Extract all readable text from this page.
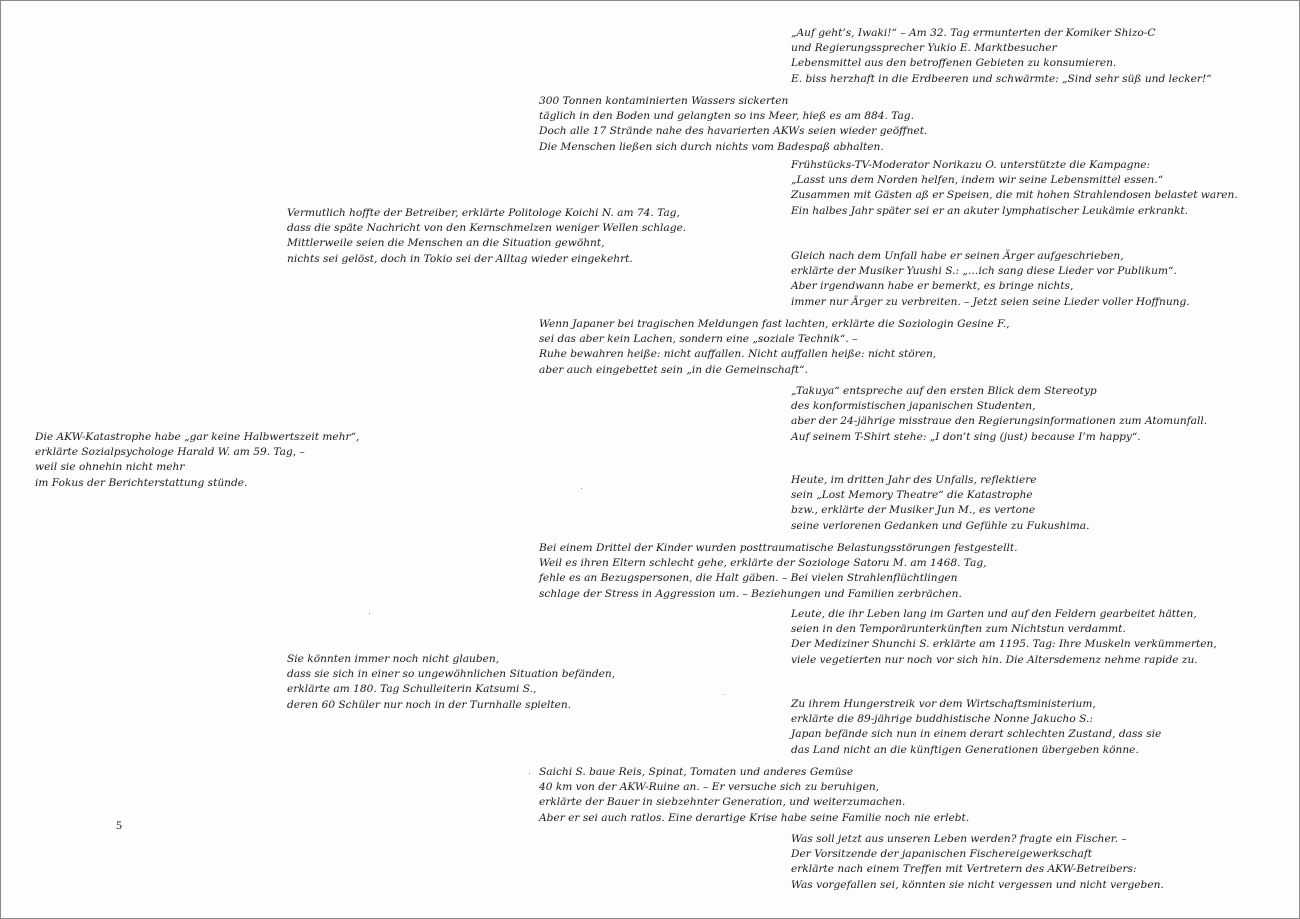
„Auf geht’s, Iwaki!“ – Am 32. Tag ermunterten der Komiker Shizo-C
und Regierungssprecher Yukio E. Marktbesucher
Lebensmittel aus den betroffenen Gebieten zu konsumieren.
E. biss herzhaft in die Erdbeeren und schwärmte: „Sind sehr süß und lecker!“

300 Tonnen kontaminierten Wassers sickerten
täglich in den Boden und gelangten so ins Meer, hieß es am 884. Tag.
Doch alle 17 Strände nahe des havarierten AKWs seien wieder geöffnet.
Die Menschen ließen sich durch nichts vom Badespaß abhalten.

Frühstücks-TV-Moderator Norikazu O. unterstützte die Kampagne:
„Lasst uns dem Norden helfen, indem wir seine Lebensmittel essen.“
Zusammen mit Gästen aß er Speisen, die mit hohen Strahlendosen belastet waren.
Ein halbes Jahr später sei er an akuter lymphatischer Leukämie erkrankt.

Vermutlich hoffte der Betreiber, erklärte Politologe Koichi N. am 74. Tag,
dass die späte Nachricht von den Kernschmelzen weniger Wellen schlage.
Mittlerweile seien die Menschen an die Situation gewöhnt,
nichts sei gelöst, doch in Tokio sei der Alltag wieder eingekehrt.	Gleich nach dem Unfall habe er seinen Ärger aufgeschrieben,
erklärte der Musiker Yuushi S.: „…ich sang diese Lieder vor Publikum“.
Aber irgendwann habe er bemerkt, es bringe nichts,
immer nur Ärger zu verbreiten. – Jetzt seien seine Lieder voller Hoffnung.

Wenn Japaner bei tragischen Meldungen fast lachten, erklärte die Soziologin Gesine F.,
sei das aber kein Lachen, sondern eine „soziale Technik“. –
Ruhe bewahren heiße: nicht auffallen. Nicht auffallen heiße: nicht stören,
aber auch eingebettet sein „in die Gemeinschaft“.

„Takuya“ entspreche auf den ersten Blick dem Stereotyp
des konformistischen japanischen Studenten,
aber der 24-jährige misstraue den Regierungsinformationen zum Atomunfall.
Auf seinem T-Shirt stehe: „I don’t sing (just) because I’m happy“.

Die AKW-Katastrophe habe „gar keine Halbwertszeit mehr“,
erklärte Sozialpsychologe Harald W. am 59. Tag, –
weil sie ohnehin nicht mehr
im Fokus der Berichterstattung stünde.	Heute, im dritten Jahr des Unfalls, reflektiere
sein „Lost Memory Theatre“ die Katastrophe
bzw., erklärte der Musiker Jun M., es vertone
seine verlorenen Gedanken und Gefühle zu Fukushima.

Bei einem Drittel der Kinder wurden posttraumatische Belastungsstörungen festgestellt.
Weil es ihren Eltern schlecht gehe, erklärte der Soziologe Satoru M. am 1468. Tag,
fehle es an Bezugspersonen, die Halt gäben. – Bei vielen Strahlenflüchtlingen
schlage der Stress in Aggression um. – Beziehungen und Familien zerbrächen.

Leute, die ihr Leben lang im Garten und auf den Feldern gearbeitet hätten,
seien in den Temporärunterkünften zum Nichtstun verdammt.
Der Mediziner Shunchi S. erklärte am 1195. Tag: Ihre Muskeln verkümmerten,
viele vegetierten nur noch vor sich hin. Die Altersdemenz nehme rapide zu.

Sie könnten immer noch nicht glauben,
dass sie sich in einer so ungewöhnlichen Situation befänden,
erklärte am 180. Tag Schulleiterin Katsumi S.,
deren 60 Schüler nur noch in der Turnhalle spielten.	Zu ihrem Hungerstreik vor dem Wirtschaftsministerium,
erklärte die 89-jährige buddhistische Nonne Jakucho S.:
Japan befände sich nun in einem derart schlechten Zustand, dass sie
das Land nicht an die künftigen Generationen übergeben könne.

Saichi S. baue Reis, Spinat, Tomaten und anderes Gemüse
40 km von der AKW-Ruine an. – Er versuche sich zu beruhigen,
erklärte der Bauer in siebzehnter Generation, und weiterzumachen.
Aber er sei auch ratlos. Eine derartige Krise habe seine Familie noch nie erlebt.

Was soll jetzt aus unseren Leben werden? fragte ein Fischer. –
Der Vorsitzende der japanischen Fischereigewerkschaft
erklärte nach einem Treffen mit Vertretern des AKW-Betreibers:
Was vorgefallen sei, könnten sie nicht vergessen und nicht vergeben.

5
